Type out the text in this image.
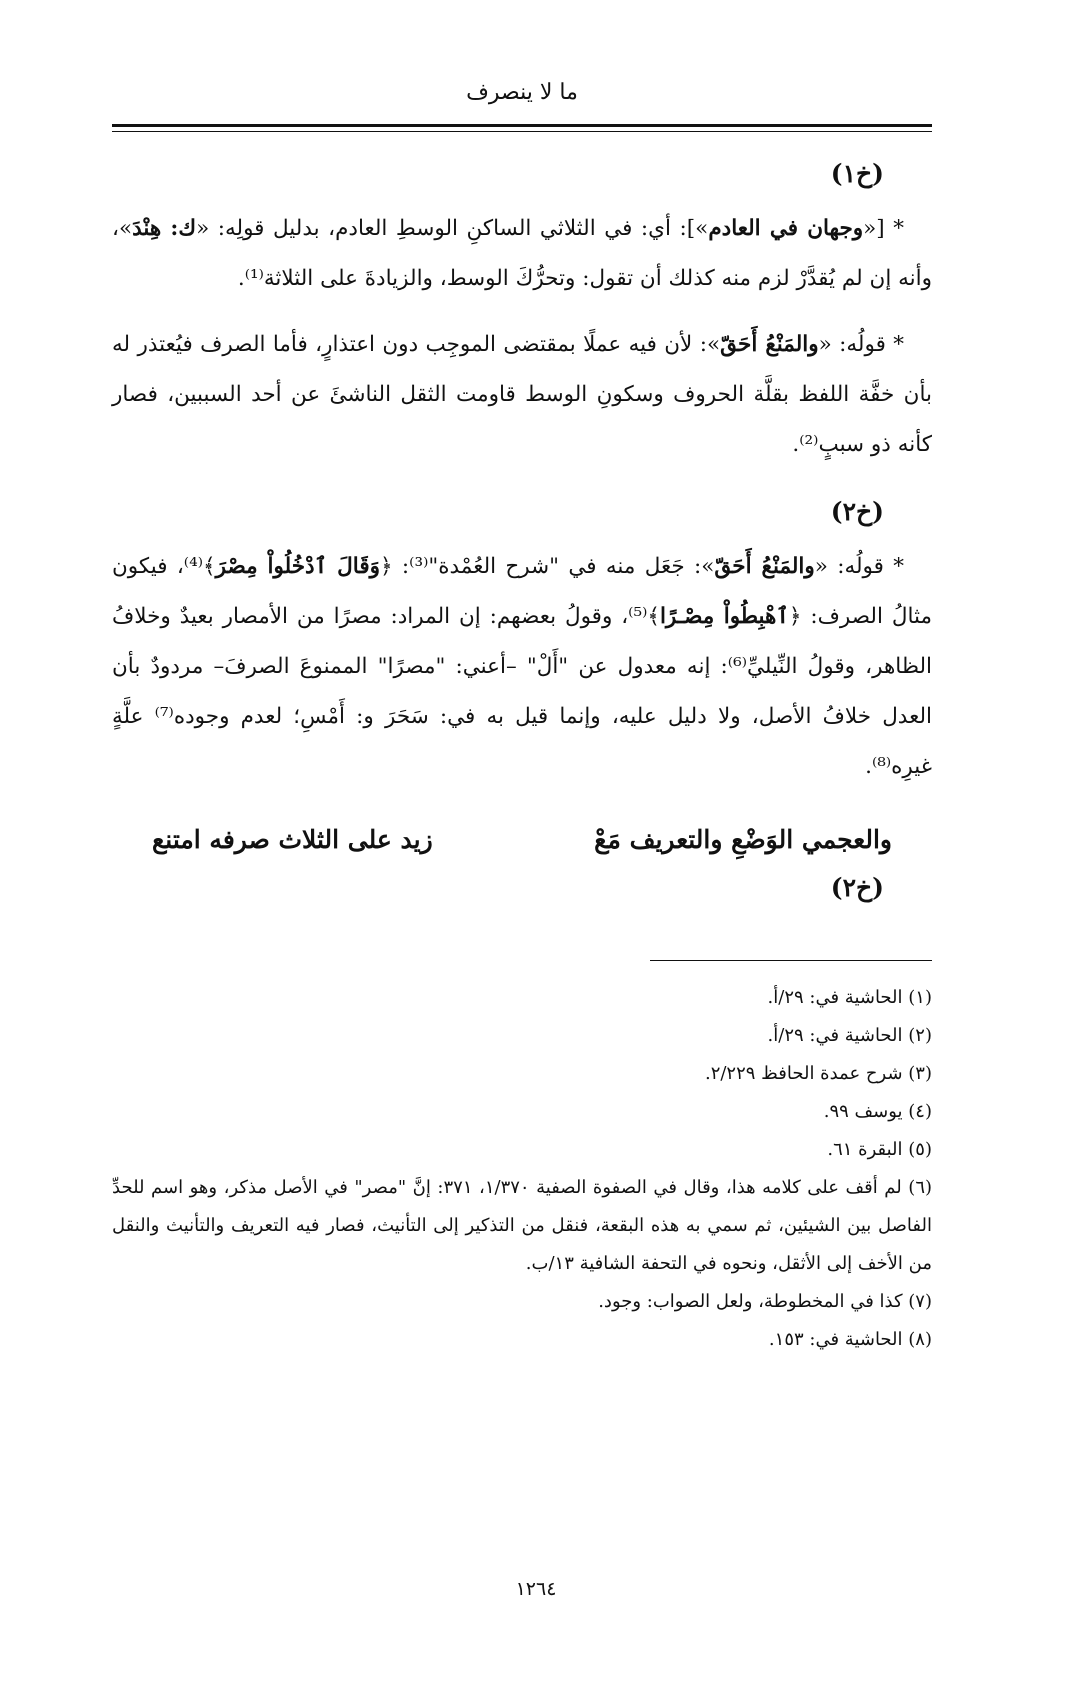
ما لا ينصرف
(خ١)

* [«وجهان في العادم»]: أي: في الثلاثي الساكنِ الوسطِ العادم، بدليل قولِه: «ك: هِنْدَ»، وأنه إن لم يُقدَّرْ لزم منه كذلك أن تقول: وتحرُّكَ الوسط، والزيادةَ على الثلاثة⁽¹⁾.

* قولُه: «والمَنْعُ أَحَقّ»: لأن فيه عملًا بمقتضى الموجِب دون اعتذارٍ، فأما الصرف فيُعتذر له بأن خفَّة اللفظ بقلَّة الحروف وسكونِ الوسط قاومت الثقل الناشئَ عن أحد السببين، فصار كأنه ذو سببٍ⁽²⁾.

(خ٢)

* قولُه: «والمَنْعُ أَحَقّ»: جَعَل منه في "شرح العُمْدة"⁽³⁾: ﴿وَقَالَ ٱدْخُلُواْ مِصْرَ﴾⁽⁴⁾، فيكون مثالُ الصرف: ﴿ٱهْبِطُواْ مِصْـرًا﴾⁽⁵⁾، وقولُ بعضهم: إن المراد: مصرًا من الأمصار بعيدٌ وخلافُ الظاهر، وقولُ النِّيليِّ⁽⁶⁾: إنه معدول عن "أَلْ" –أعني: "مصرًا" الممنوعَ الصرفَ– مردودٌ بأن العدل خلافُ الأصل، ولا دليل عليه، وإنما قيل به في: سَحَرَ و: أَمْسِ؛ لعدم وجوده⁽⁷⁾ علَّةٍ غيرِه⁽⁸⁾.

والعجمي الوَضْعِ والتعريف مَعْ
زيد على الثلاث صرفه امتنع
(خ٢)

(١) الحاشية في: ٢٩/أ.

(٢) الحاشية في: ٢٩/أ.

(٣) شرح عمدة الحافظ ٢/٢٢٩.

(٤) يوسف ٩٩.

(٥) البقرة ٦١.

(٦) لم أقف على كلامه هذا، وقال في الصفوة الصفية ١/٣٧٠، ٣٧١: إنَّ "مصر" في الأصل مذكر، وهو اسم للحدِّ الفاصل بين الشيئين، ثم سمي به هذه البقعة، فنقل من التذكير إلى التأنيث، فصار فيه التعريف والتأنيث والنقل من الأخف إلى الأثقل، ونحوه في التحفة الشافية ١٣/ب.

(٧) كذا في المخطوطة، ولعل الصواب: وجود.

(٨) الحاشية في: ١٥٣.

١٢٦٤
